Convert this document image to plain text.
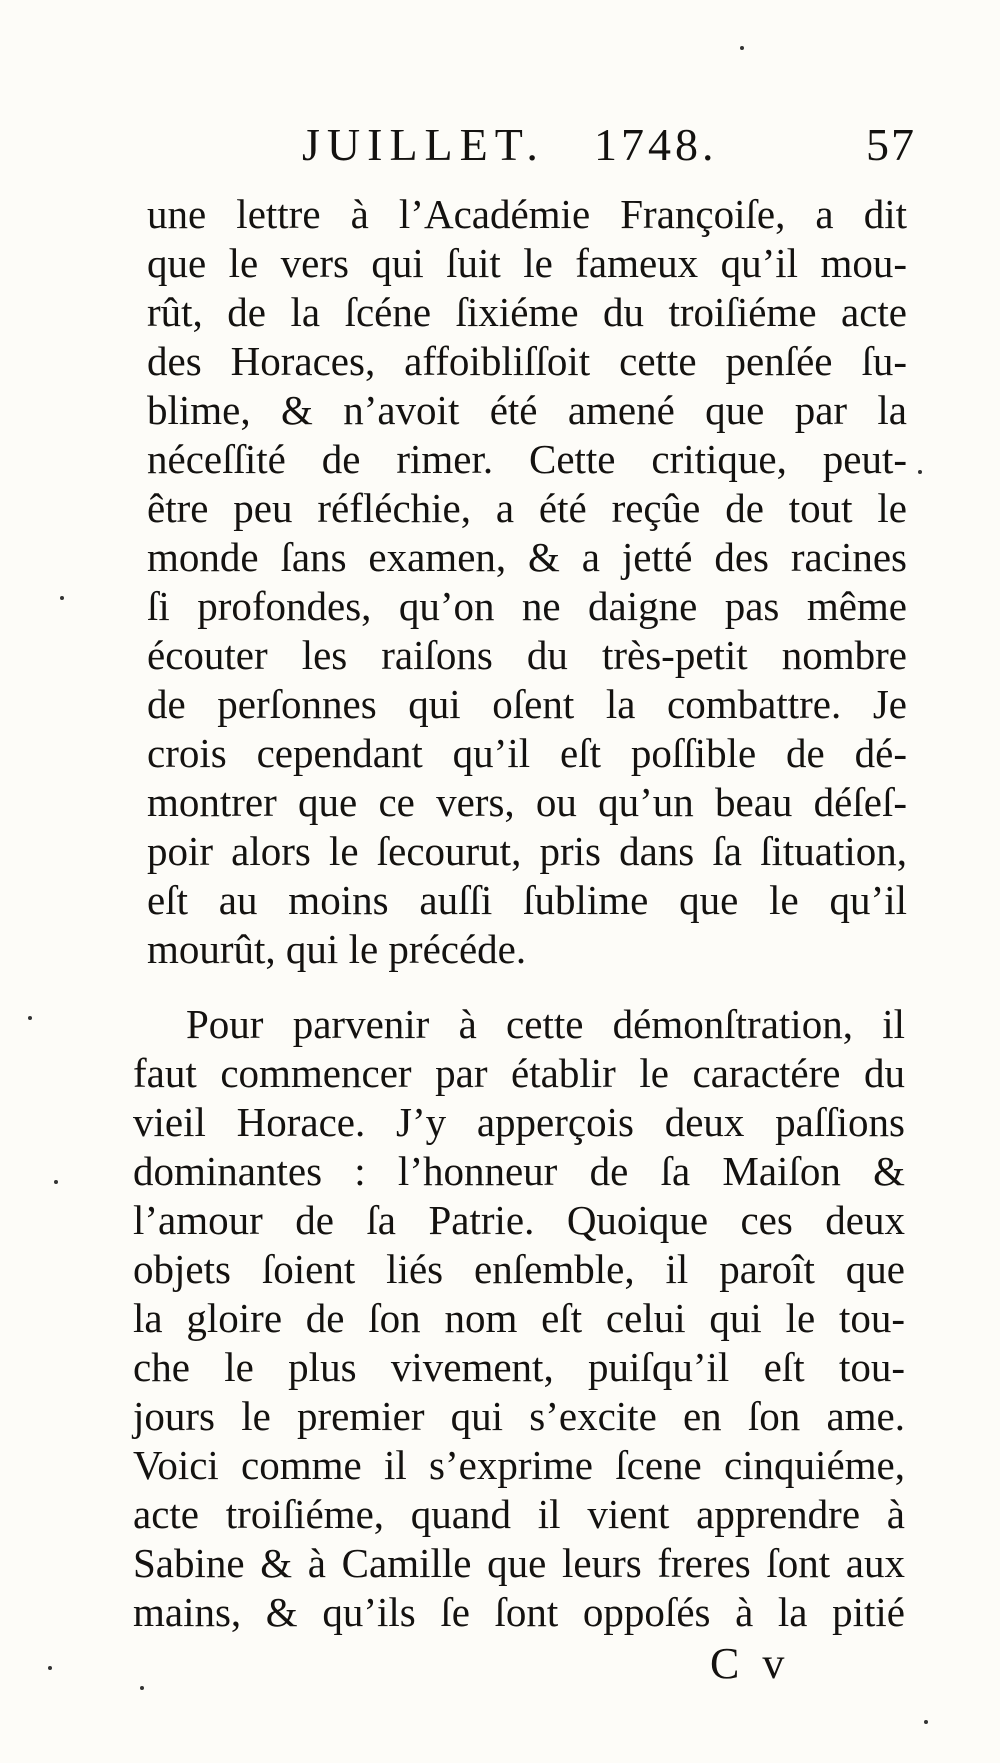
JUILLET. 1748.	57
une lettre à l’Académie Françoiſe, a dit
que le vers qui ſuit le fameux qu’il mou-
rût, de la ſcéne ſixiéme du troiſiéme acte
des Horaces, affoibliſſoit cette penſée ſu-
blime, & n’avoit été amené que par la
néceſſité de rimer. Cette critique, peut-
être peu réfléchie, a été reçûe de tout le
monde ſans examen, & a jetté des racines
ſi profondes, qu’on ne daigne pas même
écouter les raiſons du très-petit nombre
de perſonnes qui oſent la combattre. Je
crois cependant qu’il eſt poſſible de dé-
montrer que ce vers, ou qu’un beau déſeſ-
poir alors le ſecourut, pris dans ſa ſituation,
eſt au moins auſſi ſublime que le qu’il
mourût, qui le précéde.
Pour parvenir à cette démonſtration, il
faut commencer par établir le caractére du
vieil Horace. J’y apperçois deux paſſions
dominantes : l’honneur de ſa Maiſon &
l’amour de ſa Patrie. Quoique ces deux
objets ſoient liés enſemble, il paroît que
la gloire de ſon nom eſt celui qui le tou-
che le plus vivement, puiſqu’il eſt tou-
jours le premier qui s’excite en ſon ame.
Voici comme il s’exprime ſcene cinquiéme,
acte troiſiéme, quand il vient apprendre à
Sabine & à Camille que leurs freres ſont aux
mains, & qu’ils ſe ſont oppoſés à la pitié
C v
